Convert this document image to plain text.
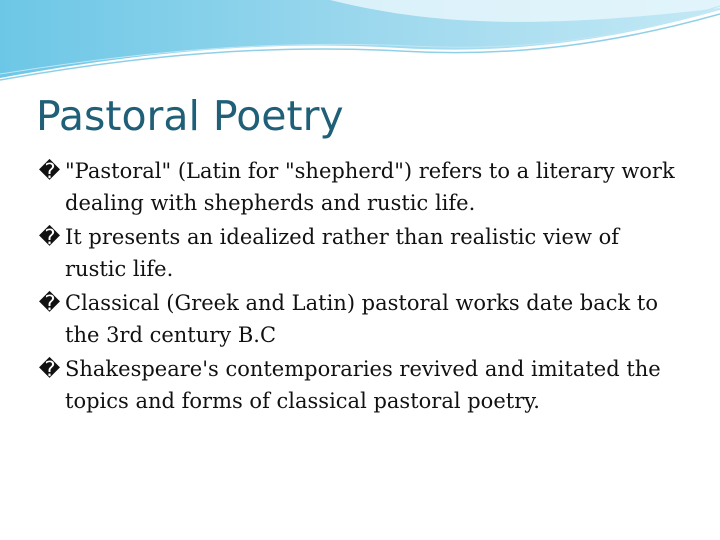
Pastoral Poetry
� "Pastoral" (Latin for "shepherd") refers to a literary work dealing with shepherds and rustic life.
� It presents an idealized rather than realistic view of rustic life.
� Classical (Greek and Latin) pastoral works date back to the 3rd century B.C
� Shakespeare's contemporaries revived and imitated the topics and forms of classical pastoral poetry.
